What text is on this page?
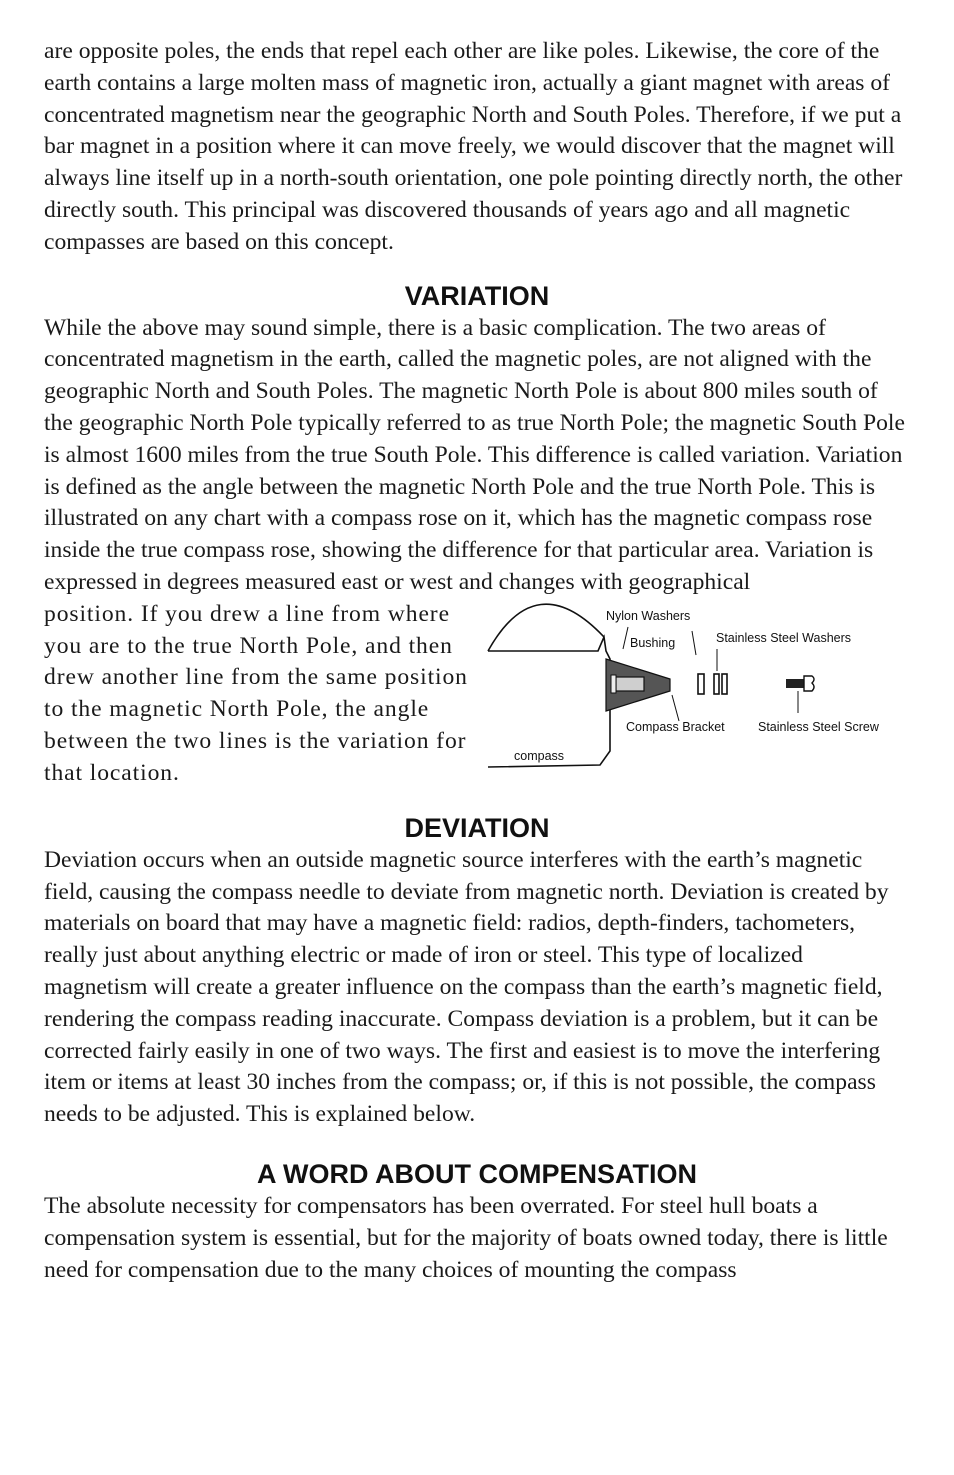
are opposite poles, the ends that repel each other are like poles. Likewise, the core of the earth contains a large molten mass of magnetic iron, actually a giant magnet with areas of concentrated magnetism near the geographic North and South Poles. Therefore, if we put a bar magnet in a position where it can move freely, we would discover that the magnet will always line itself up in a north-south orientation, one pole pointing directly north, the other directly south. This principal was discovered thousands of years ago and all magnetic compasses are based on this concept.

VARIATION

While the above may sound simple, there is a basic complication. The two areas of concentrated magnetism in the earth, called the magnetic poles, are not aligned with the geographic North and South Poles. The magnetic North Pole is about 800 miles south of the geographic North Pole typically referred to as true North Pole; the magnetic South Pole is almost 1600 miles from the true South Pole. This difference is called variation. Variation is defined as the angle between the magnetic North Pole and the true North Pole. This is illustrated on any chart with a compass rose on it, which has the magnetic compass rose inside the true compass rose, showing the difference for that particular area. Variation is expressed in degrees measured east or west and changes with geographical

position. If you drew a line from where you are to the true North Pole, and then drew another line from the same position to the magnetic North Pole, the angle between the two lines is the variation for that location.

Nylon Washers
Bushing	Stainless Steel Washers
Compass Bracket	Stainless Steel Screw
compass
DEVIATION

Deviation occurs when an outside magnetic source interferes with the earth’s magnetic field, causing the compass needle to deviate from magnetic north. Deviation is created by materials on board that may have a magnetic field: radios, depth-finders, tachometers, really just about anything electric or made of iron or steel. This type of localized magnetism will create a greater influence on the compass than the earth’s magnetic field, rendering the compass reading inaccurate. Compass deviation is a problem, but it can be corrected fairly easily in one of two ways. The first and easiest is to move the interfering item or items at least 30 inches from the compass; or, if this is not possible, the compass needs to be adjusted. This is explained below.

A WORD ABOUT COMPENSATION

The absolute necessity for compensators has been overrated. For steel hull boats a compensation system is essential, but for the majority of boats owned today, there is little need for compensation due to the many choices of mounting the compass
